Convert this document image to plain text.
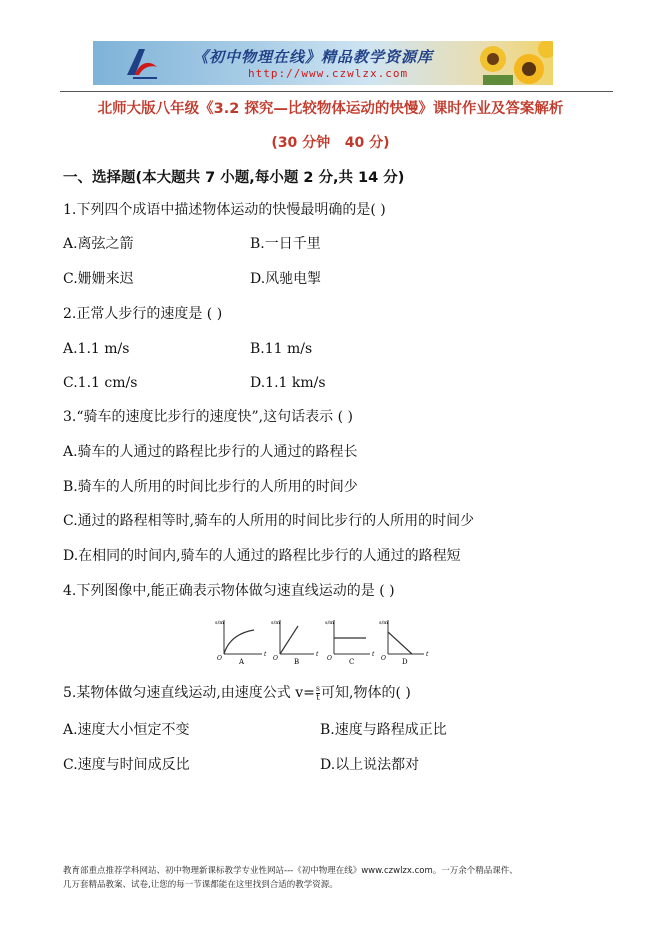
《初中物理在线》精品教学资源库
http://www.czwlzx.com
北师大版八年级《3.2 探究—比较物体运动的快慢》课时作业及答案解析
(30 分钟   40 分)
一、选择题(本大题共 7 小题,每小题 2 分,共 14 分)
1.下列四个成语中描述物体运动的快慢最明确的是( )
A.离弦之箭	B.一日千里
C.姗姗来迟	D.风驰电掣
2.正常人步行的速度是 ( )
A.1.1 m/s	B.11 m/s
C.1.1 cm/s	D.1.1 km/s
3.“骑车的速度比步行的速度快”,这句话表示 ( )
A.骑车的人通过的路程比步行的人通过的路程长
B.骑车的人所用的时间比步行的人所用的时间少
C.通过的路程相等时,骑车的人所用的时间比步行的人所用的时间少
D.在相同的时间内,骑车的人通过的路程比步行的人通过的路程短
4.下列图像中,能正确表示物体做匀速直线运动的是 ( )
s/m
t
O A
s/m
t
O B
s/m
t
O C
s/m
t
O D
5.某物体做匀速直线运动,由速度公式 $v= \frac{s}{t}$ 可知,物体的( )
A.速度大小恒定不变	B.速度与路程成正比
C.速度与时间成反比	D.以上说法都对
教育部重点推荐学科网站、初中物理新课标教学专业性网站---《初中物理在线》www.czwlzx.com。一万余个精品课件、
几万套精品教案、试卷,让您的每一节课都能在这里找到合适的教学资源。
